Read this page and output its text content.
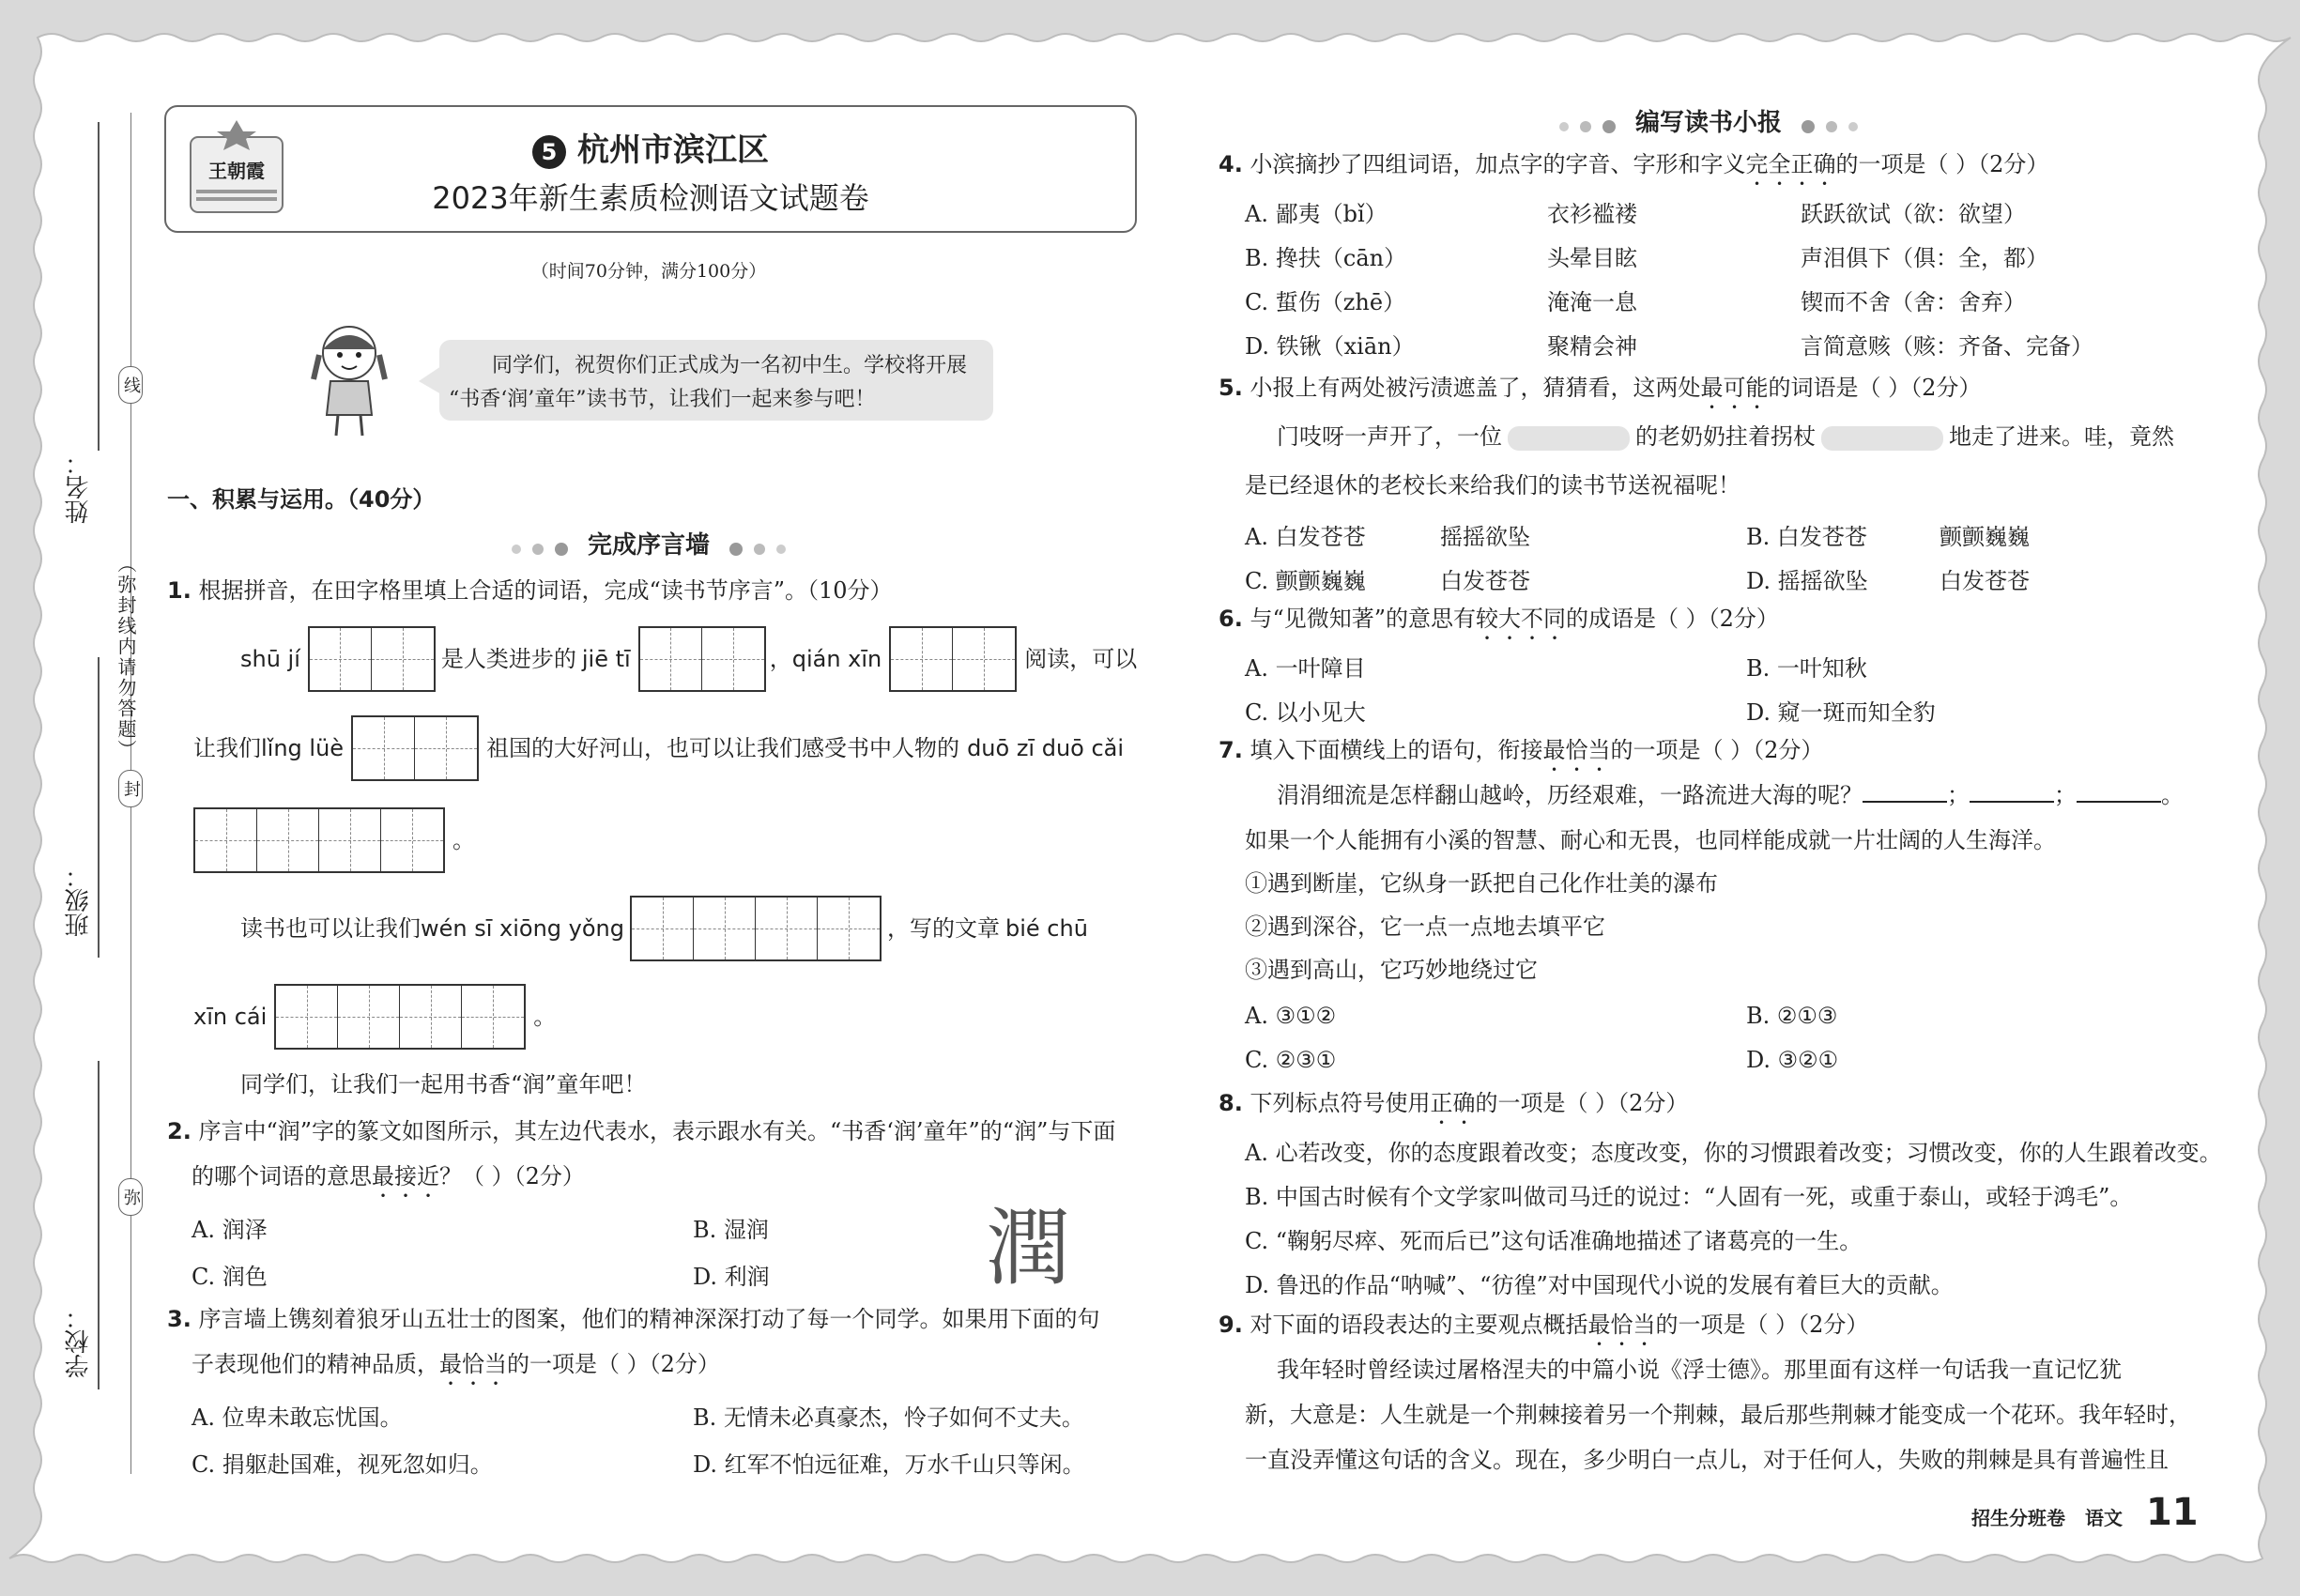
姓名：
班级：
学校：
（弥封线内请勿答题）
线
封
弥
王朝霞
5 杭州市滨江区
2023年新生素质检测语文试题卷
（时间70分钟，满分100分）
同学们，祝贺你们正式成为一名初中生。学校将开展
“书香‘润’童年”读书节，让我们一起来参与吧！
一、积累与运用。（40分）
完成序言墙
1. 根据拼音，在田字格里填上合适的词语，完成“读书节序言”。（10分）
shū jí	是人类进步的 jiē tī	， qián xīn	阅读，可以
让我们 lǐng lüè	祖国的大好河山，也可以让我们感受书中人物的 duō zī duō cǎi
。
读书也可以让我们 wén sī xiōng yǒng	，写的文章 bié chū
xīn cái	。
同学们，让我们一起用书香“润”童年吧！
2. 序言中“润”字的篆文如图所示，其左边代表水，表示跟水有关。“书香‘润’童年”的“润”与下面
的哪个词语的意思最接近？（ ）（2分）
A. 润泽	B. 湿润
C. 润色	D. 利润	潤
3. 序言墙上镌刻着狼牙山五壮士的图案，他们的精神深深打动了每一个同学。如果用下面的句
子表现他们的精神品质，最恰当的一项是（ ）（2分）
A. 位卑未敢忘忧国。	B. 无情未必真豪杰，怜子如何不丈夫。
C. 捐躯赴国难，视死忽如归。	D. 红军不怕远征难，万水千山只等闲。
编写读书小报
4. 小滨摘抄了四组词语，加点字的字音、字形和字义完全正确的一项是（ ）（2分）
A. 鄙夷（bǐ）	衣衫褴褛	跃跃欲试（欲：欲望）
B. 搀扶（cān）	头晕目眩	声泪俱下（俱：全，都）
C. 蜇伤（zhē）	淹淹一息	锲而不舍（舍：舍弃）
D. 铁锹（xiān）	聚精会神	言简意赅（赅：齐备、完备）
5. 小报上有两处被污渍遮盖了，猜猜看，这两处最可能的词语是（ ）（2分）
门吱呀一声开了，一位	的老奶奶拄着拐杖	地走了进来。哇，竟然
是已经退休的老校长来给我们的读书节送祝福呢！
A. 白发苍苍	摇摇欲坠	B. 白发苍苍	颤颤巍巍
C. 颤颤巍巍	白发苍苍	D. 摇摇欲坠	白发苍苍
6. 与“见微知著”的意思有较大不同的成语是（ ）（2分）
A. 一叶障目	B. 一叶知秋
C. 以小见大	D. 窥一斑而知全豹
7. 填入下面横线上的语句，衔接最恰当的一项是（ ）（2分）
涓涓细流是怎样翻山越岭，历经艰难，一路流进大海的呢？	；	；	。
如果一个人能拥有小溪的智慧、耐心和无畏，也同样能成就一片壮阔的人生海洋。
①遇到断崖，它纵身一跃把自己化作壮美的瀑布
②遇到深谷，它一点一点地去填平它
③遇到高山，它巧妙地绕过它
A. ③①②	B. ②①③
C. ②③①	D. ③②①
8. 下列标点符号使用正确的一项是（ ）（2分）
A. 心若改变，你的态度跟着改变；态度改变，你的习惯跟着改变；习惯改变，你的人生跟着改变。
B. 中国古时候有个文学家叫做司马迁的说过：“人固有一死，或重于泰山，或轻于鸿毛”。
C. “鞠躬尽瘁、死而后已”这句话准确地描述了诸葛亮的一生。
D. 鲁迅的作品“呐喊”、“彷徨”对中国现代小说的发展有着巨大的贡献。
9. 对下面的语段表达的主要观点概括最恰当的一项是（ ）（2分）
我年轻时曾经读过屠格涅夫的中篇小说《浮士德》。那里面有这样一句话我一直记忆犹
新，大意是：人生就是一个荆棘接着另一个荆棘，最后那些荆棘才能变成一个花环。我年轻时，
一直没弄懂这句话的含义。现在，多少明白一点儿，对于任何人，失败的荆棘是具有普遍性且
招生分班卷 语文 11
